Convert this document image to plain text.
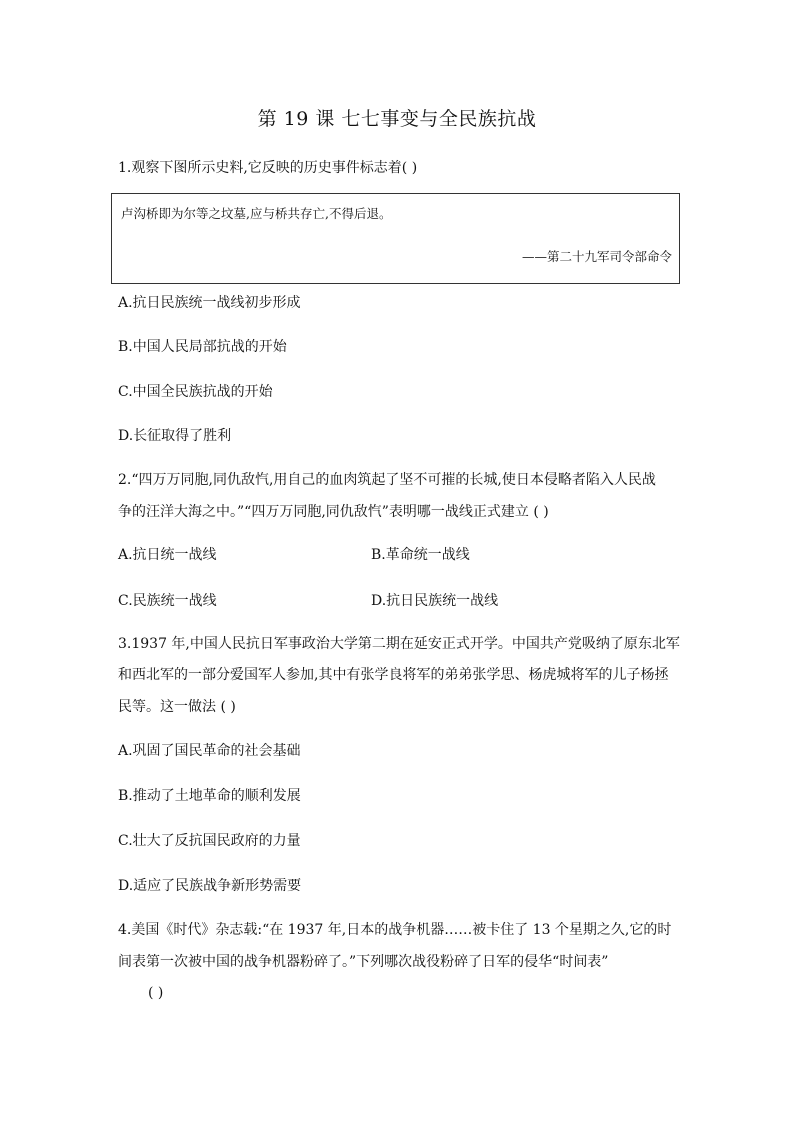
第 19 课 七七事变与全民族抗战
1.观察下图所示史料,它反映的历史事件标志着( )
卢沟桥即为尔等之坟墓,应与桥共存亡,不得后退。
——第二十九军司令部命令
A.抗日民族统一战线初步形成
B.中国人民局部抗战的开始
C.中国全民族抗战的开始
D.长征取得了胜利
2.“四万万同胞,同仇敌忾,用自己的血肉筑起了坚不可摧的长城,使日本侵略者陷入人民战
争的汪洋大海之中。”“四万万同胞,同仇敌忾”表明哪一战线正式建立 ( )
A.抗日统一战线	B.革命统一战线
C.民族统一战线	D.抗日民族统一战线
3.1937 年,中国人民抗日军事政治大学第二期在延安正式开学。中国共产党吸纳了原东北军
和西北军的一部分爱国军人参加,其中有张学良将军的弟弟张学思、杨虎城将军的儿子杨拯
民等。这一做法 ( )
A.巩固了国民革命的社会基础
B.推动了土地革命的顺利发展
C.壮大了反抗国民政府的力量
D.适应了民族战争新形势需要
4.美国《时代》杂志载:“在 1937 年,日本的战争机器……被卡住了 13 个星期之久,它的时
间表第一次被中国的战争机器粉碎了。”下列哪次战役粉碎了日军的侵华“时间表”
( )
